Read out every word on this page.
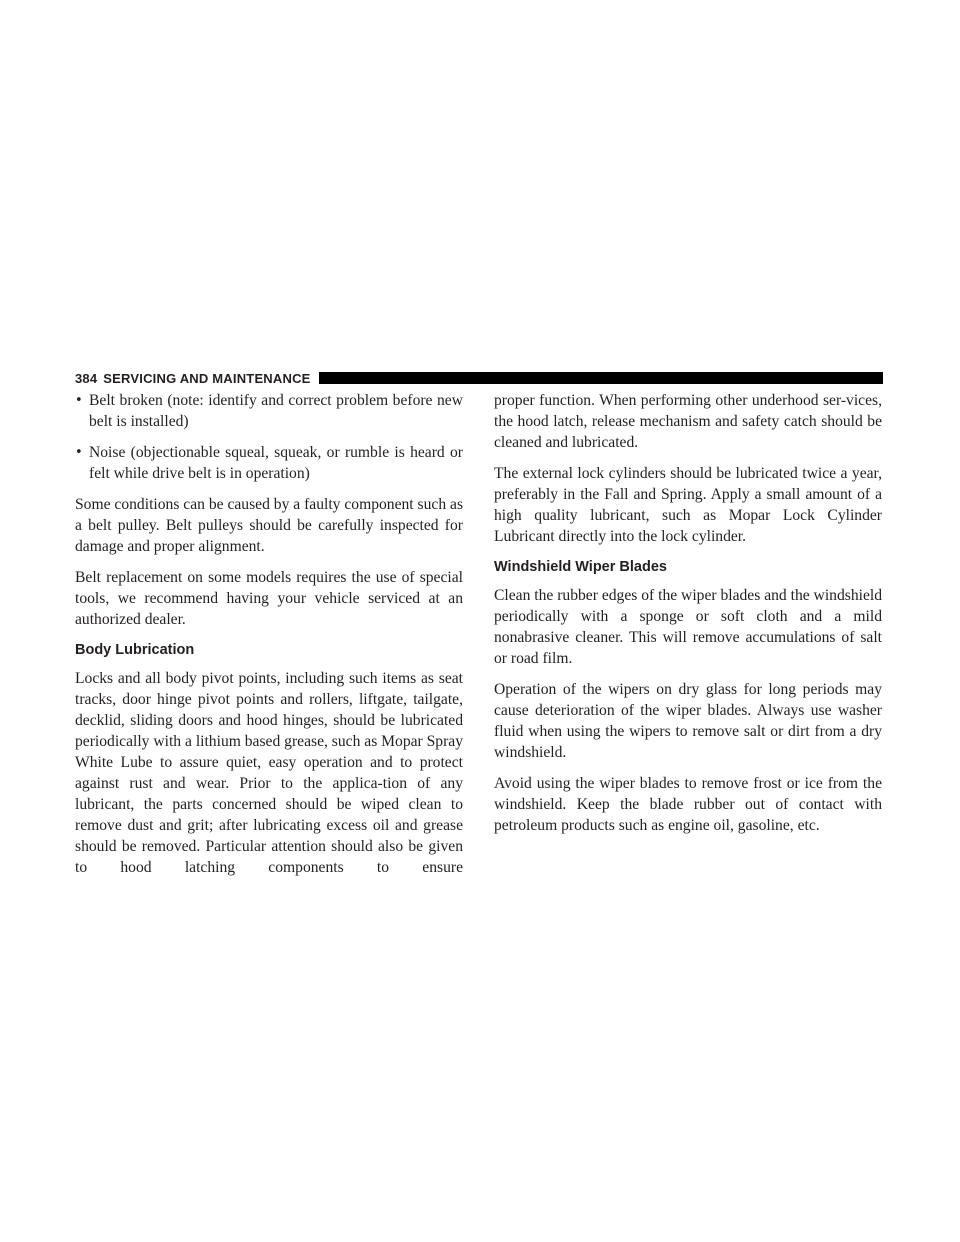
384 SERVICING AND MAINTENANCE
• Belt broken (note: identify and correct problem before new belt is installed)
• Noise (objectionable squeal, squeak, or rumble is heard or felt while drive belt is in operation)

Some conditions can be caused by a faulty component such as a belt pulley. Belt pulleys should be carefully inspected for damage and proper alignment.

Belt replacement on some models requires the use of special tools, we recommend having your vehicle serviced at an authorized dealer.

Body Lubrication

Locks and all body pivot points, including such items as seat tracks, door hinge pivot points and rollers, liftgate, tailgate, decklid, sliding doors and hood hinges, should be lubricated periodically with a lithium based grease, such as Mopar Spray White Lube to assure quiet, easy operation and to protect against rust and wear. Prior to the applica-tion of any lubricant, the parts concerned should be wiped clean to remove dust and grit; after lubricating excess oil and grease should be removed. Particular attention should also be given to hood latching components to ensure

proper function. When performing other underhood ser-vices, the hood latch, release mechanism and safety catch should be cleaned and lubricated.

The external lock cylinders should be lubricated twice a year, preferably in the Fall and Spring. Apply a small amount of a high quality lubricant, such as Mopar Lock Cylinder Lubricant directly into the lock cylinder.

Windshield Wiper Blades

Clean the rubber edges of the wiper blades and the windshield periodically with a sponge or soft cloth and a mild nonabrasive cleaner. This will remove accumulations of salt or road film.

Operation of the wipers on dry glass for long periods may cause deterioration of the wiper blades. Always use washer fluid when using the wipers to remove salt or dirt from a dry windshield.

Avoid using the wiper blades to remove frost or ice from the windshield. Keep the blade rubber out of contact with petroleum products such as engine oil, gasoline, etc.
